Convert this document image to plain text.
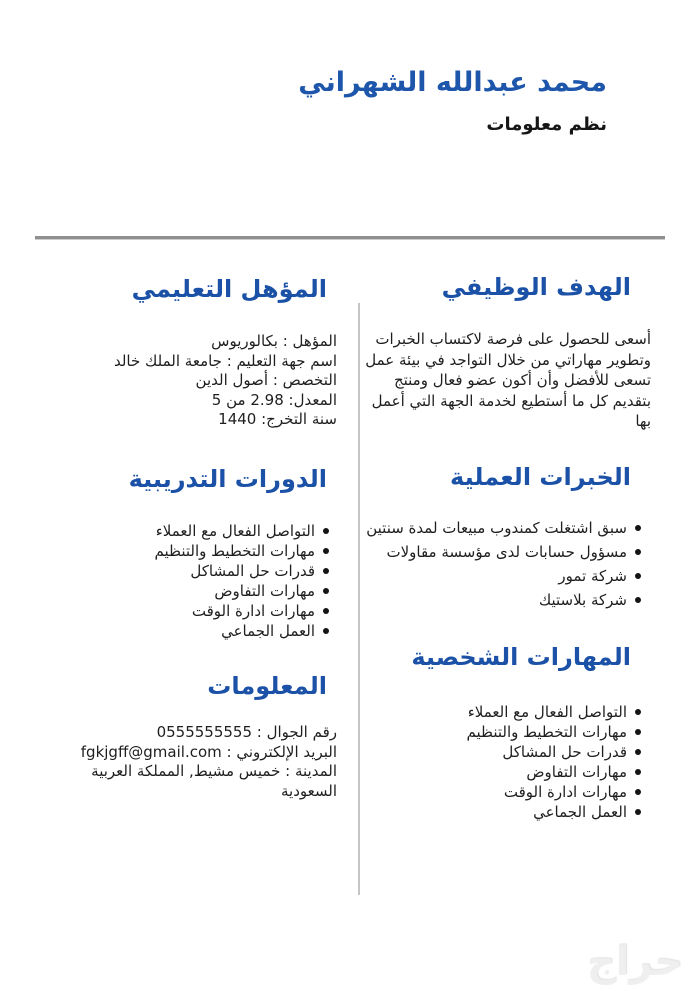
محمد عبدالله الشهراني
نظم معلومات
الهدف الوظيفي

أسعى للحصول على فرصة لاكتساب الخبرات وتطوير مهاراتي من خلال التواجد في بيئة عمل تسعى للأفضل وأن أكون عضو فعال ومنتج بتقديم كل ما أستطيع لخدمة الجهة التي أعمل بها

الخبرات العملية
سبق اشتغلت كمندوب مبيعات لمدة سنتين
مسؤول حسابات لدى مؤسسة مقاولات
شركة تمور
شركة بلاستيك
المهارات الشخصية
التواصل الفعال مع العملاء
مهارات التخطيط والتنظيم
قدرات حل المشاكل
مهارات التفاوض
مهارات ادارة الوقت
العمل الجماعي
المؤهل التعليمي
المؤهل : بكالوريوس
اسم جهة التعليم : جامعة الملك خالد
التخصص : أصول الدين
المعدل: 2.98 من 5
سنة التخرج: 1440
الدورات التدريبية
التواصل الفعال مع العملاء
مهارات التخطيط والتنظيم
قدرات حل المشاكل
مهارات التفاوض
مهارات ادارة الوقت
العمل الجماعي
المعلومات
رقم الجوال : 0555555555
البريد الإلكتروني : fgkjgff@gmail.com
المدينة : خميس مشيط, المملكة العربية السعودية
حراج
